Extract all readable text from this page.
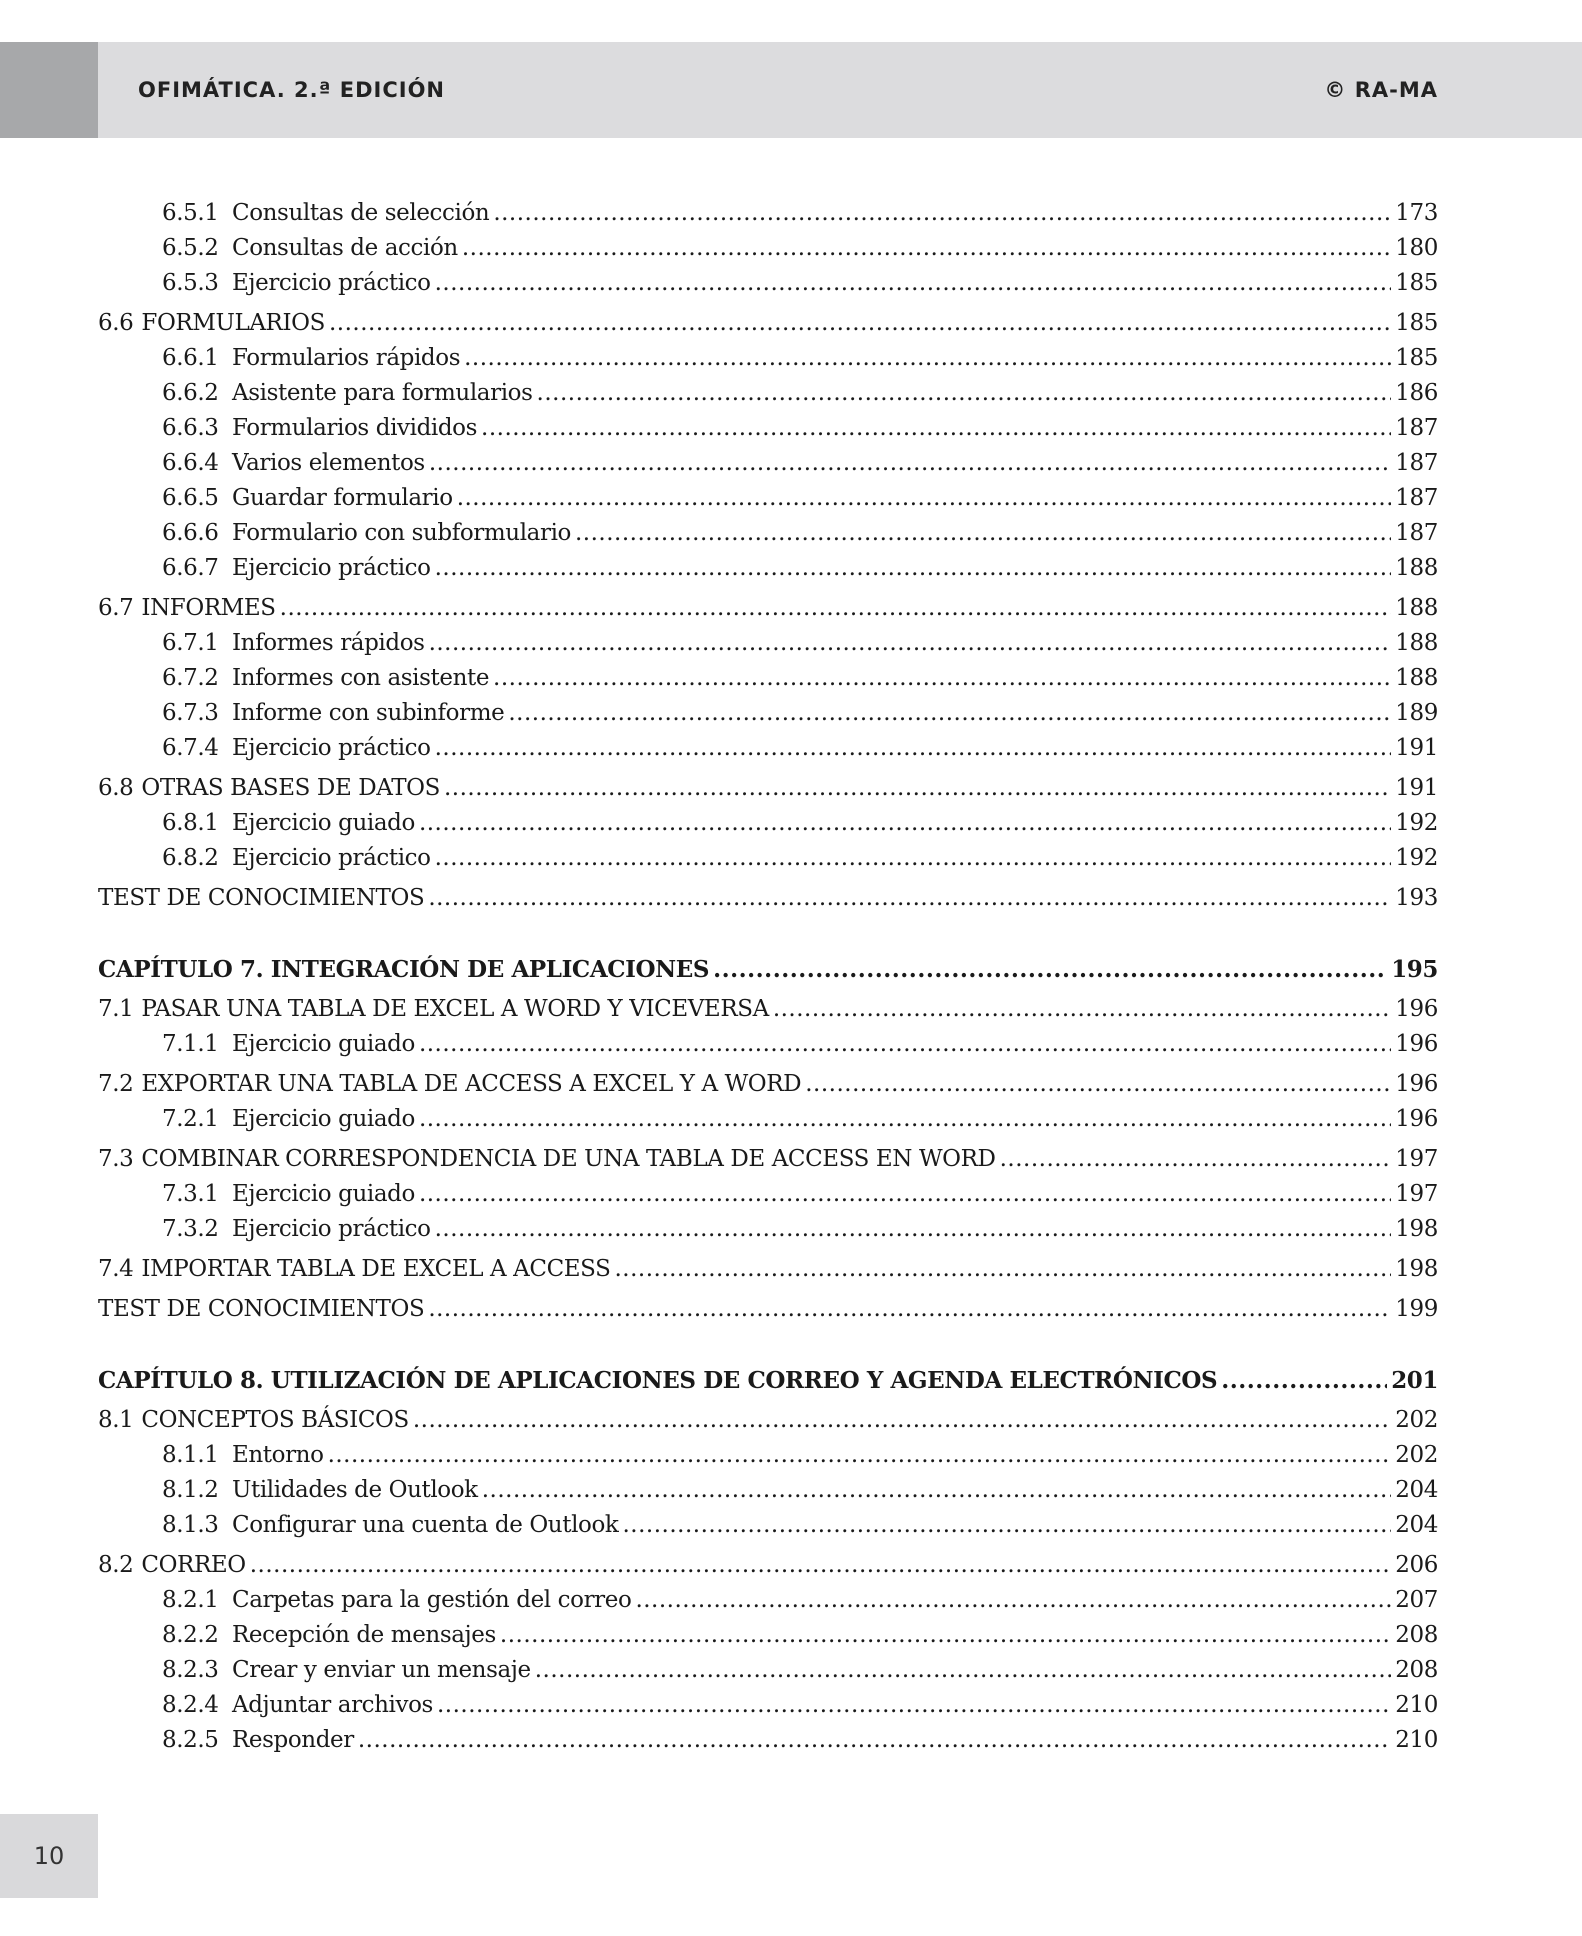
OFIMÁTICA. 2.ª EDICIÓN	© RA-MA
6.5.1 Consultas de selección .....	173
6.5.2 Consultas de acción .....	180
6.5.3 Ejercicio práctico .....	185
6.6 FORMULARIOS .....	185
6.6.1 Formularios rápidos .....	185
6.6.2 Asistente para formularios .....	186
6.6.3 Formularios divididos .....	187
6.6.4 Varios elementos .....	187
6.6.5 Guardar formulario .....	187
6.6.6 Formulario con subformulario .....	187
6.6.7 Ejercicio práctico .....	188
6.7 INFORMES .....	188
6.7.1 Informes rápidos .....	188
6.7.2 Informes con asistente .....	188
6.7.3 Informe con subinforme .....	189
6.7.4 Ejercicio práctico .....	191
6.8 OTRAS BASES DE DATOS .....	191
6.8.1 Ejercicio guiado .....	192
6.8.2 Ejercicio práctico .....	192
TEST DE CONOCIMIENTOS .....	193
CAPÍTULO 7. INTEGRACIÓN DE APLICACIONES .....	195
7.1 PASAR UNA TABLA DE EXCEL A WORD Y VICEVERSA .....	196
7.1.1 Ejercicio guiado .....	196
7.2 EXPORTAR UNA TABLA DE ACCESS A EXCEL Y A WORD .....	196
7.2.1 Ejercicio guiado .....	196
7.3 COMBINAR CORRESPONDENCIA DE UNA TABLA DE ACCESS EN WORD .....	197
7.3.1 Ejercicio guiado .....	197
7.3.2 Ejercicio práctico .....	198
7.4 IMPORTAR TABLA DE EXCEL A ACCESS .....	198
TEST DE CONOCIMIENTOS .....	199
CAPÍTULO 8. UTILIZACIÓN DE APLICACIONES DE CORREO Y AGENDA ELECTRÓNICOS .....	201
8.1 CONCEPTOS BÁSICOS .....	202
8.1.1 Entorno .....	202
8.1.2 Utilidades de Outlook .....	204
8.1.3 Configurar una cuenta de Outlook .....	204
8.2 CORREO .....	206
8.2.1 Carpetas para la gestión del correo .....	207
8.2.2 Recepción de mensajes .....	208
8.2.3 Crear y enviar un mensaje .....	208
8.2.4 Adjuntar archivos .....	210
8.2.5 Responder .....	210
10
